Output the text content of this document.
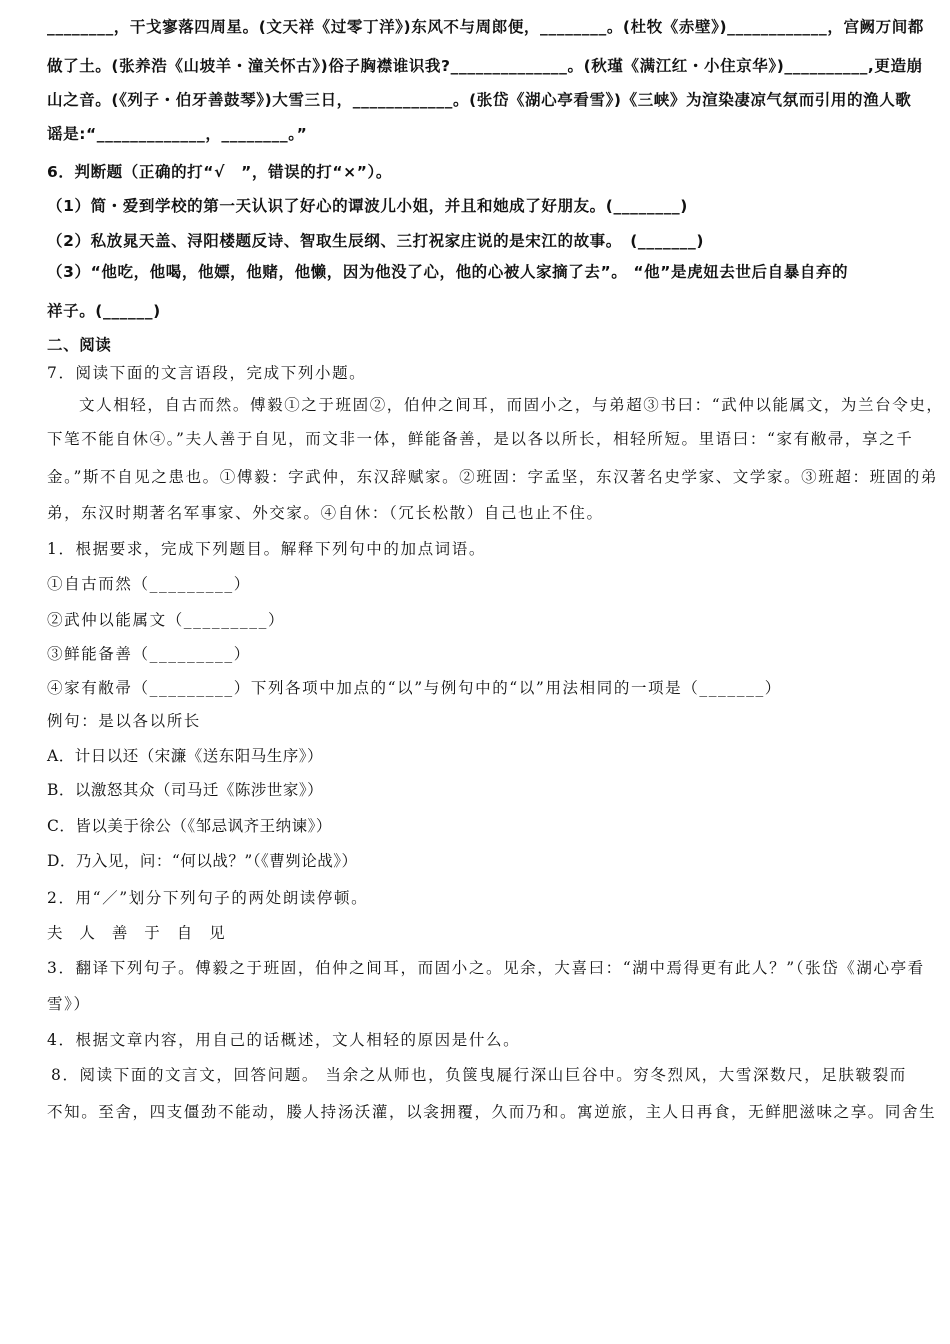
________，干戈寥落四周星。(文天祥《过零丁洋》)东风不与周郎便，________。(杜牧《赤壁》)____________，宫阙万间都
做了土。(张养浩《山坡羊・潼关怀古》)俗子胸襟谁识我?______________。(秋瑾《满江红・小住京华》)__________,更造崩
山之音。(《列子・伯牙善鼓琴》)大雪三日，____________。(张岱《湖心亭看雪》)《三峡》为渲染凄凉气氛而引用的渔人歌
谣是:“_____________，________。”
6．判断题（正确的打“√　”，错误的打“×”）。
（1）简・爱到学校的第一天认识了好心的谭波儿小姐，并且和她成了好朋友。(________)
（2）私放晁天盖、浔阳楼题反诗、智取生辰纲、三打祝家庄说的是宋江的故事。　(_______)
（3）“他吃，他喝，他嫖，他赌，他懒，因为他没了心，他的心被人家摘了去”。 “他”是虎妞去世后自暴自弃的
祥子。(______)
二、阅读
7．阅读下面的文言语段，完成下列小题。
文人相轻，自古而然。傅毅①之于班固②，伯仲之间耳，而固小之，与弟超③书曰：“武仲以能属文，为兰台令史，
下笔不能自休④。”夫人善于自见，而文非一体，鲜能备善，是以各以所长，相轻所短。里语曰：“家有敝帚，享之千
金。”斯不自见之患也。①傅毅：字武仲，东汉辞赋家。②班固：字孟坚，东汉著名史学家、文学家。③班超：班固的弟
弟，东汉时期著名军事家、外交家。④自休：（冗长松散）自己也止不住。
1．根据要求，完成下列题目。解释下列句中的加点词语。
①自古而然（_________）
②武仲以能属文（_________）
③鲜能备善（_________）
④家有敝帚（_________）下列各项中加点的“以”与例句中的“以”用法相同的一项是（_______）
例句：是以各以所长
A．计日以还（宋濂《送东阳马生序》）
B．以激怒其众（司马迁《陈涉世家》）
C．皆以美于徐公（《邹忌讽齐王纳谏》）
D．乃入见，问：“何以战？”（《曹刿论战》）
2．用“／”划分下列句子的两处朗读停顿。
夫 人 善 于 自 见
3．翻译下列句子。傅毅之于班固，伯仲之间耳，而固小之。见余，大喜曰：“湖中焉得更有此人？”（张岱《湖心亭看
雪》）
4．根据文章内容，用自己的话概述，文人相轻的原因是什么。
8．阅读下面的文言文，回答问题。 当余之从师也，负箧曳屣行深山巨谷中。穷冬烈风，大雪深数尺，足肤皲裂而
不知。至舍，四支僵劲不能动，媵人持汤沃灌，以衾拥覆，久而乃和。寓逆旅，主人日再食，无鲜肥滋味之享。同舍生
